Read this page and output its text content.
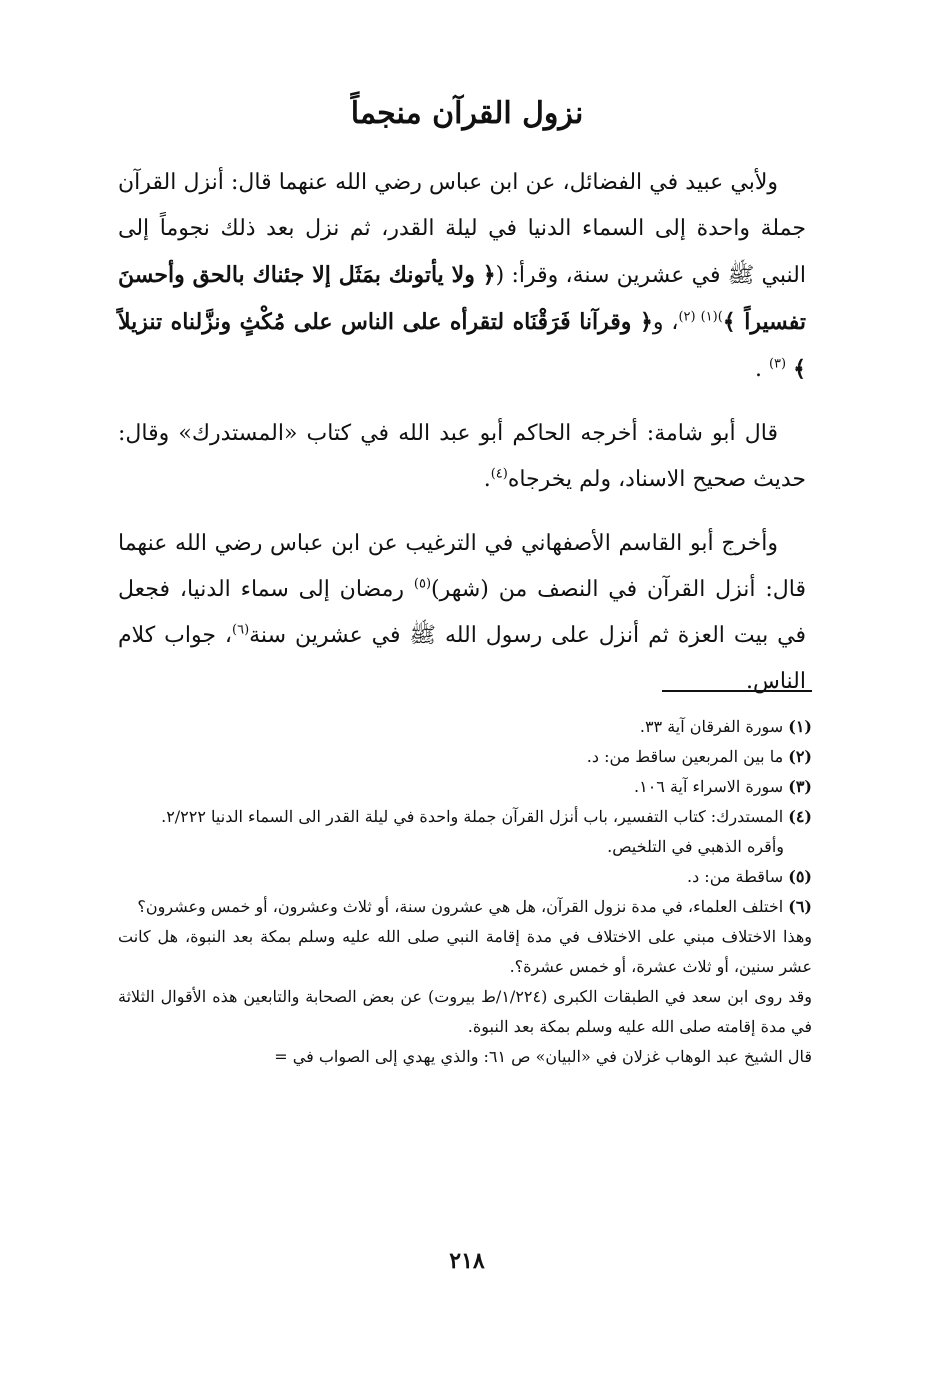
نزول القرآن منجماً

ولأبي عبيد في الفضائل، عن ابن عباس رضي الله عنهما قال: أنزل القرآن جملة واحدة إلى السماء الدنيا في ليلة القدر، ثم نزل بعد ذلك نجوماً إلى النبي ﷺ في عشرين سنة، وقرأ: (﴿ ولا يأتونك بمَثَل إلا جئناك بالحق وأحسنَ تفسيراً ﴾$^{)(١) (٢)}$، و﴿ وقرآنا فَرَقْنَاه لتقرأه على الناس على مُكْثٍ ونزَّلناه تنزيلاً ﴾ $^{(٣)}$ .

قال أبو شامة: أخرجه الحاكم أبو عبد الله في كتاب «المستدرك» وقال: حديث صحيح الاسناد، ولم يخرجاه$^{(٤)}$.

وأخرج أبو القاسم الأصفهاني في الترغيب عن ابن عباس رضي الله عنهما قال: أنزل القرآن في النصف من (شهر)$^{(٥)}$ رمضان إلى سماء الدنيا، فجعل في بيت العزة ثم أنزل على رسول الله ﷺ في عشرين سنة$^{(٦)}$، جواب كلام الناس.

(١) سورة الفرقان آية ٣٣.

(٢) ما بين المربعين ساقط من: د.

(٣) سورة الاسراء آية ١٠٦.

(٤) المستدرك: كتاب التفسير، باب أنزل القرآن جملة واحدة في ليلة القدر الى السماء الدنيا ٢/٢٢٢.

وأقره الذهبي في التلخيص.

(٥) ساقطة من: د.

(٦) اختلف العلماء، في مدة نزول القرآن، هل هي عشرون سنة، أو ثلاث وعشرون، أو خمس وعشرون؟

وهذا الاختلاف مبني على الاختلاف في مدة إقامة النبي صلى الله عليه وسلم بمكة بعد النبوة، هل كانت عشر سنين، أو ثلاث عشرة، أو خمس عشرة؟.

وقد روى ابن سعد في الطبقات الكبرى (١/٢٢٤/ط بيروت) عن بعض الصحابة والتابعين هذه الأقوال الثلاثة في مدة إقامته صلى الله عليه وسلم بمكة بعد النبوة.

قال الشيخ عبد الوهاب غزلان في «البيان» ص ٦١: والذي يهدي إلى الصواب في =

٢١٨
